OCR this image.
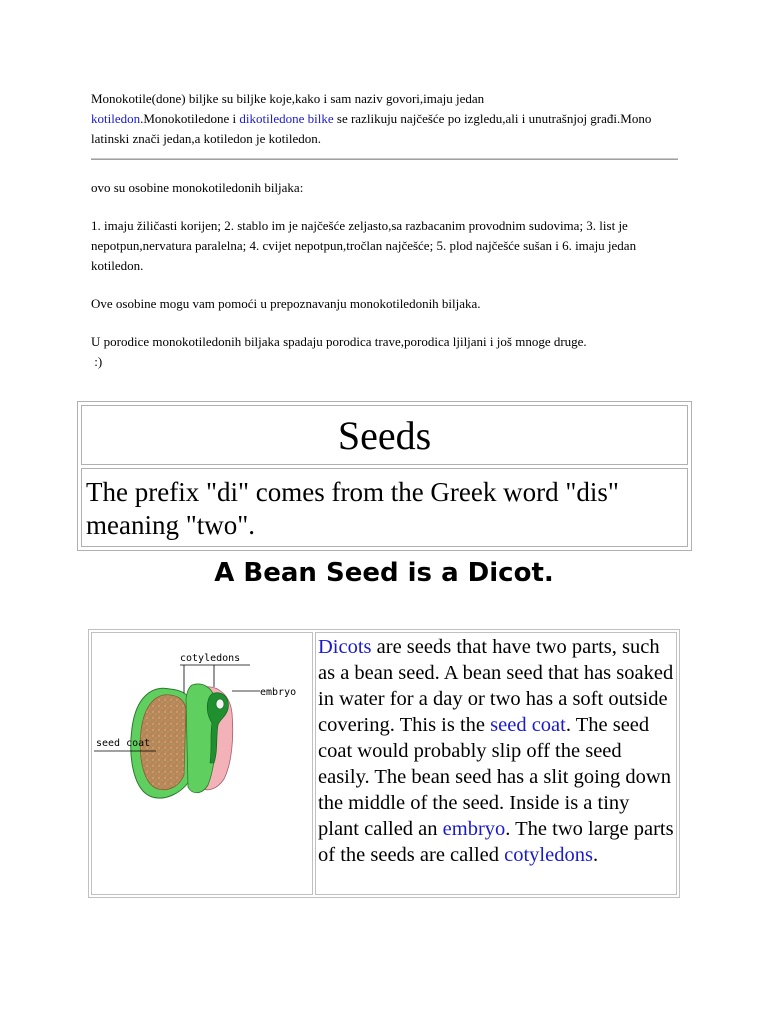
Monokotile(done) biljke su biljke koje,kako i sam naziv govori,imaju jedan
kotiledon.Monokotiledone i dikotiledone bilke se razlikuju najčešće po izgledu,ali i unutrašnjoj građi.Mono latinski znači jedan,a kotiledon je kotiledon.

ovo su osobine monokotiledonih biljaka:

1. imaju žiličasti korijen; 2. stablo im je najčešće zeljasto,sa razbacanim provodnim sudovima; 3. list je nepotpun,nervatura paralelna; 4. cvijet nepotpun,tročlan najčešće; 5. plod najčešće sušan i 6. imaju jedan kotiledon.

Ove osobine mogu vam pomoći u prepoznavanju monokotiledonih biljaka.

U porodice monokotiledonih biljaka spadaju porodica trave,porodica ljiljani i još mnoge druge.
:)

Seeds
The prefix "di" comes from the Greek word "dis" meaning "two".
A Bean Seed is a Dicot.
cotyledons
embryo
seed coat
Dicots are seeds that have two parts, such as a bean seed. A bean seed that has soaked in water for a day or two has a soft outside covering. This is the seed coat. The seed coat would probably slip off the seed easily. The bean seed has a slit going down the middle of the seed. Inside is a tiny plant called an embryo. The two large parts of the seeds are called cotyledons.
